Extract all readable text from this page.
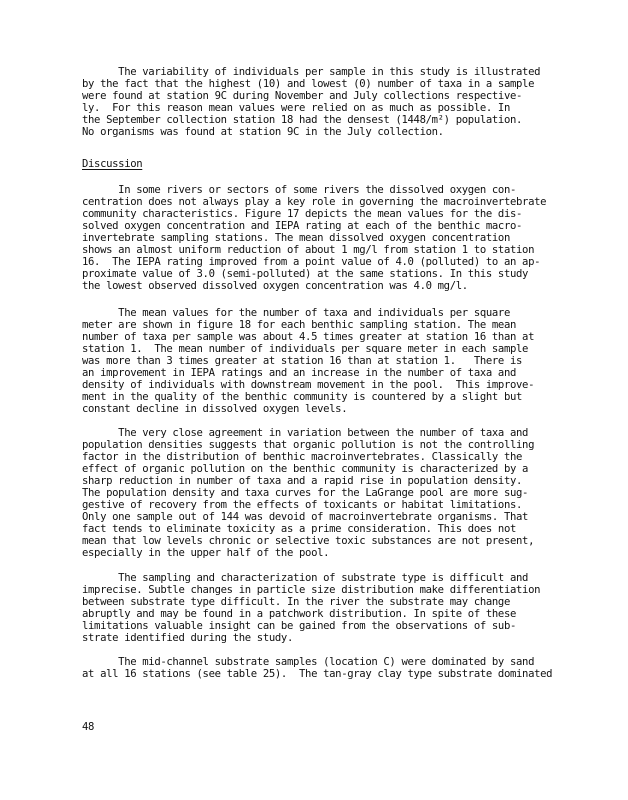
The variability of individuals per sample in this study is illustrated
by the fact that the highest (10) and lowest (0) number of taxa in a sample
were found at station 9C during November and July collections respective-
ly.  For this reason mean values were relied on as much as possible. In
the September collection station 18 had the densest (1448/m²) population.
No organisms was found at station 9C in the July collection.
Discussion
In some rivers or sectors of some rivers the dissolved oxygen con-
centration does not always play a key role in governing the macroinvertebrate
community characteristics. Figure 17 depicts the mean values for the dis-
solved oxygen concentration and IEPA rating at each of the benthic macro-
invertebrate sampling stations. The mean dissolved oxygen concentration
shows an almost uniform reduction of about 1 mg/l from station 1 to station
16.  The IEPA rating improved from a point value of 4.0 (polluted) to an ap-
proximate value of 3.0 (semi-polluted) at the same stations. In this study
the lowest observed dissolved oxygen concentration was 4.0 mg/l.
The mean values for the number of taxa and individuals per square
meter are shown in figure 18 for each benthic sampling station. The mean
number of taxa per sample was about 4.5 times greater at station 16 than at
station 1.  The mean number of individuals per square meter in each sample
was more than 3 times greater at station 16 than at station 1.   There is
an improvement in IEPA ratings and an increase in the number of taxa and
density of individuals with downstream movement in the pool.  This improve-
ment in the quality of the benthic community is countered by a slight but
constant decline in dissolved oxygen levels.
The very close agreement in variation between the number of taxa and
population densities suggests that organic pollution is not the controlling
factor in the distribution of benthic macroinvertebrates. Classically the
effect of organic pollution on the benthic community is characterized by a
sharp reduction in number of taxa and a rapid rise in population density.
The population density and taxa curves for the LaGrange pool are more sug-
gestive of recovery from the effects of toxicants or habitat limitations.
Only one sample out of 144 was devoid of macroinvertebrate organisms. That
fact tends to eliminate toxicity as a prime consideration. This does not
mean that low levels chronic or selective toxic substances are not present,
especially in the upper half of the pool.
The sampling and characterization of substrate type is difficult and
imprecise. Subtle changes in particle size distribution make differentiation
between substrate type difficult. In the river the substrate may change
abruptly and may be found in a patchwork distribution. In spite of these
limitations valuable insight can be gained from the observations of sub-
strate identified during the study.
The mid-channel substrate samples (location C) were dominated by sand
at all 16 stations (see table 25).  The tan-gray clay type substrate dominated
48
